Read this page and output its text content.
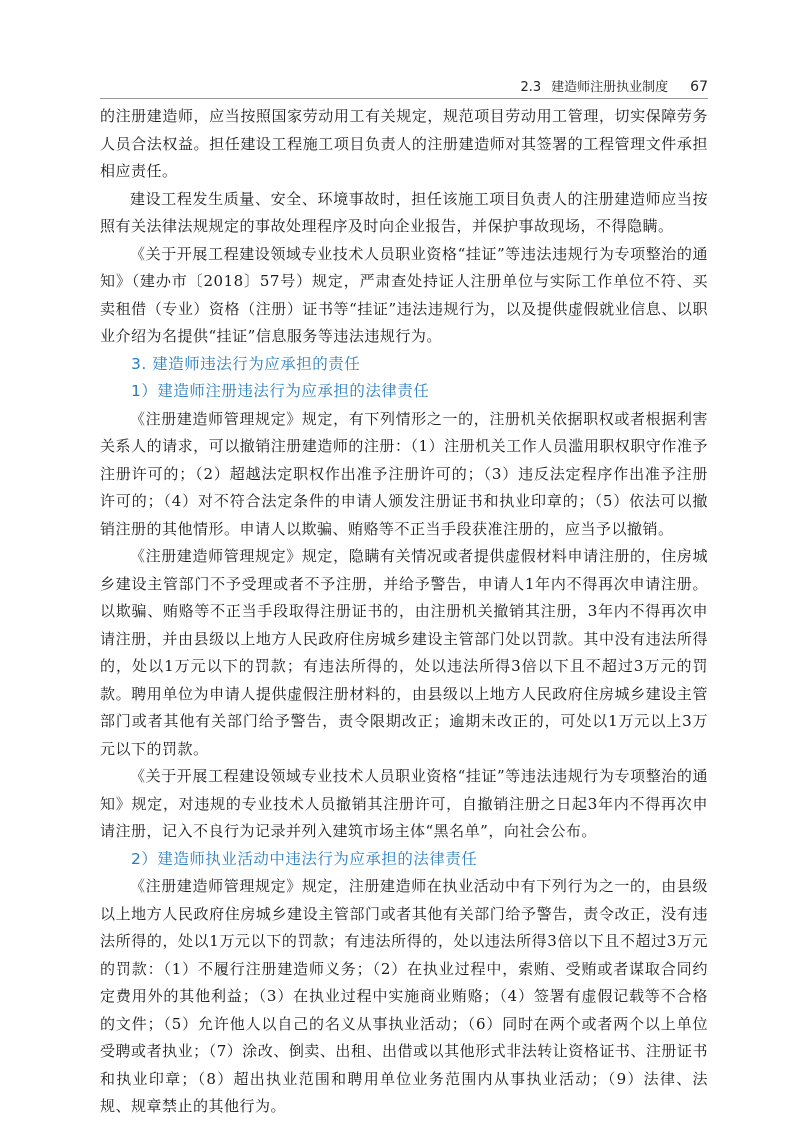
2.3 建造师注册执业制度 67

的注册建造师，应当按照国家劳动用工有关规定，规范项目劳动用工管理，切实保障劳务人员合法权益。担任建设工程施工项目负责人的注册建造师对其签署的工程管理文件承担相应责任。

建设工程发生质量、安全、环境事故时，担任该施工项目负责人的注册建造师应当按照有关法律法规规定的事故处理程序及时向企业报告，并保护事故现场，不得隐瞒。

《关于开展工程建设领域专业技术人员职业资格“挂证”等违法违规行为专项整治的通知》（建办市〔2018〕57号）规定，严肃查处持证人注册单位与实际工作单位不符、买卖租借（专业）资格（注册）证书等“挂证”违法违规行为，以及提供虚假就业信息、以职业介绍为名提供“挂证”信息服务等违法违规行为。

3. 建造师违法行为应承担的责任
1）建造师注册违法行为应承担的法律责任

《注册建造师管理规定》规定，有下列情形之一的，注册机关依据职权或者根据利害关系人的请求，可以撤销注册建造师的注册：（1）注册机关工作人员滥用职权职守作准予注册许可的；（2）超越法定职权作出准予注册许可的；（3）违反法定程序作出准予注册许可的；（4）对不符合法定条件的申请人颁发注册证书和执业印章的；（5）依法可以撤销注册的其他情形。申请人以欺骗、贿赂等不正当手段获准注册的，应当予以撤销。

《注册建造师管理规定》规定，隐瞒有关情况或者提供虚假材料申请注册的，住房城乡建设主管部门不予受理或者不予注册，并给予警告，申请人1年内不得再次申请注册。以欺骗、贿赂等不正当手段取得注册证书的，由注册机关撤销其注册，3年内不得再次申请注册，并由县级以上地方人民政府住房城乡建设主管部门处以罚款。其中没有违法所得的，处以1万元以下的罚款；有违法所得的，处以违法所得3倍以下且不超过3万元的罚款。聘用单位为申请人提供虚假注册材料的，由县级以上地方人民政府住房城乡建设主管部门或者其他有关部门给予警告，责令限期改正；逾期未改正的，可处以1万元以上3万元以下的罚款。

《关于开展工程建设领域专业技术人员职业资格“挂证”等违法违规行为专项整治的通知》规定，对违规的专业技术人员撤销其注册许可，自撤销注册之日起3年内不得再次申请注册，记入不良行为记录并列入建筑市场主体“黑名单”，向社会公布。

2）建造师执业活动中违法行为应承担的法律责任

《注册建造师管理规定》规定，注册建造师在执业活动中有下列行为之一的，由县级以上地方人民政府住房城乡建设主管部门或者其他有关部门给予警告，责令改正，没有违法所得的，处以1万元以下的罚款；有违法所得的，处以违法所得3倍以下且不超过3万元的罚款：（1）不履行注册建造师义务；（2）在执业过程中，索贿、受贿或者谋取合同约定费用外的其他利益；（3）在执业过程中实施商业贿赂；（4）签署有虚假记载等不合格的文件；（5）允许他人以自己的名义从事执业活动；（6）同时在两个或者两个以上单位受聘或者执业；（7）涂改、倒卖、出租、出借或以其他形式非法转让资格证书、注册证书和执业印章；（8）超出执业范围和聘用单位业务范围内从事执业活动；（9）法律、法规、规章禁止的其他行为。
